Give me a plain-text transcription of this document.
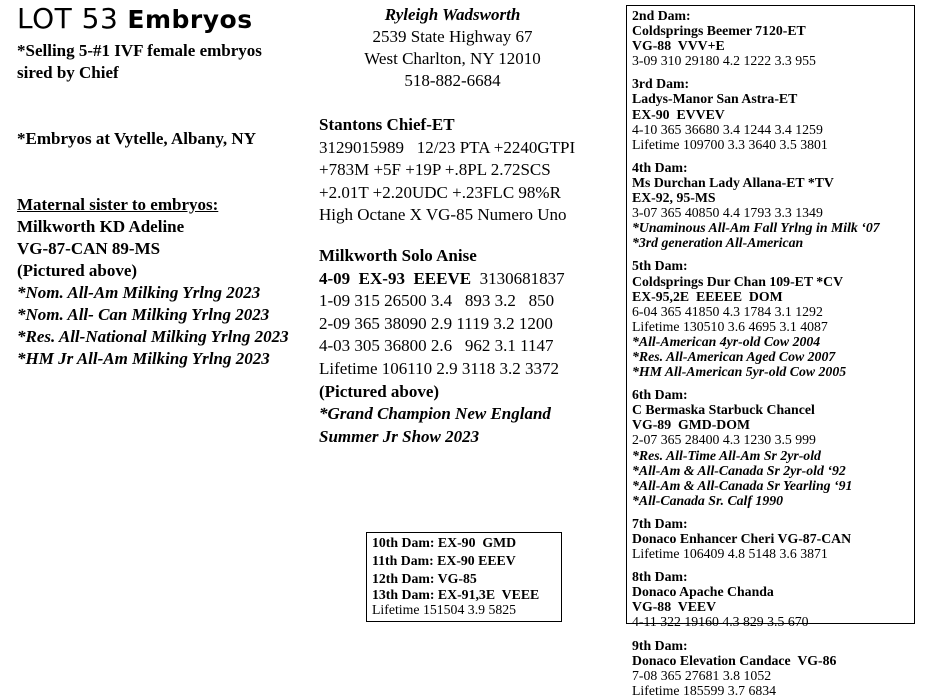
LOT 53 Embryos
*Selling 5-#1 IVF female embryos
sired by Chief
*Embryos at Vytelle, Albany, NY
Maternal sister to embryos:
Milkworth KD Adeline
VG-87-CAN 89-MS
(Pictured above)
*Nom. All-Am Milking Yrlng 2023
*Nom. All- Can Milking Yrlng 2023
*Res. All-National Milking Yrlng 2023
*HM Jr All-Am Milking Yrlng 2023
Ryleigh Wadsworth
2539 State Highway 67
West Charlton, NY 12010
518-882-6684
Stantons Chief-ET
3129015989   12/23 PTA +2240GTPI
+783M +5F +19P +.8PL 2.72SCS
+2.01T +2.20UDC +.23FLC 98%R
High Octane X VG-85 Numero Uno
Milkworth Solo Anise
4-09  EX-93  EEEVE  3130681837
1-09 315 26500 3.4   893 3.2   850
2-09 365 38090 2.9 1119 3.2 1200
4-03 305 36800 2.6   962 3.1 1147
Lifetime 106110 2.9 3118 3.2 3372
(Pictured above)
*Grand Champion New England
Summer Jr Show 2023
2nd Dam:
Coldsprings Beemer 7120-ET
VG-88  VVV+E
3-09 310 29180 4.2 1222 3.3 955
3rd Dam:
Ladys-Manor San Astra-ET
EX-90  EVVEV
4-10 365 36680 3.4 1244 3.4 1259
Lifetime 109700 3.3 3640 3.5 3801
4th Dam:
Ms Durchan Lady Allana-ET *TV
EX-92, 95-MS
3-07 365 40850 4.4 1793 3.3 1349
*Unaminous All-Am Fall Yrlng in Milk ‘07
*3rd generation All-American
5th Dam:
Coldsprings Dur Chan 109-ET *CV
EX-95,2E  EEEEE  DOM
6-04 365 41850 4.3 1784 3.1 1292
Lifetime 130510 3.6 4695 3.1 4087
*All-American 4yr-old Cow 2004
*Res. All-American Aged Cow 2007
*HM All-American 5yr-old Cow 2005
6th Dam:
C Bermaska Starbuck Chancel
VG-89  GMD-DOM
2-07 365 28400 4.3 1230 3.5 999
*Res. All-Time All-Am Sr 2yr-old
*All-Am & All-Canada Sr 2yr-old ‘92
*All-Am & All-Canada Sr Yearling ‘91
*All-Canada Sr. Calf 1990
7th Dam:
Donaco Enhancer Cheri VG-87-CAN
Lifetime 106409 4.8 5148 3.6 3871
8th Dam:
Donaco Apache Chanda
VG-88  VEEV
4-11 322 19160 4.3 829 3.5 670
9th Dam:
Donaco Elevation Candace  VG-86
7-08 365 27681 3.8 1052
Lifetime 185599 3.7 6834
10th Dam: EX-90  GMD
11th Dam: EX-90 EEEV
12th Dam: VG-85
13th Dam: EX-91,3E  VEEE
Lifetime 151504 3.9 5825
